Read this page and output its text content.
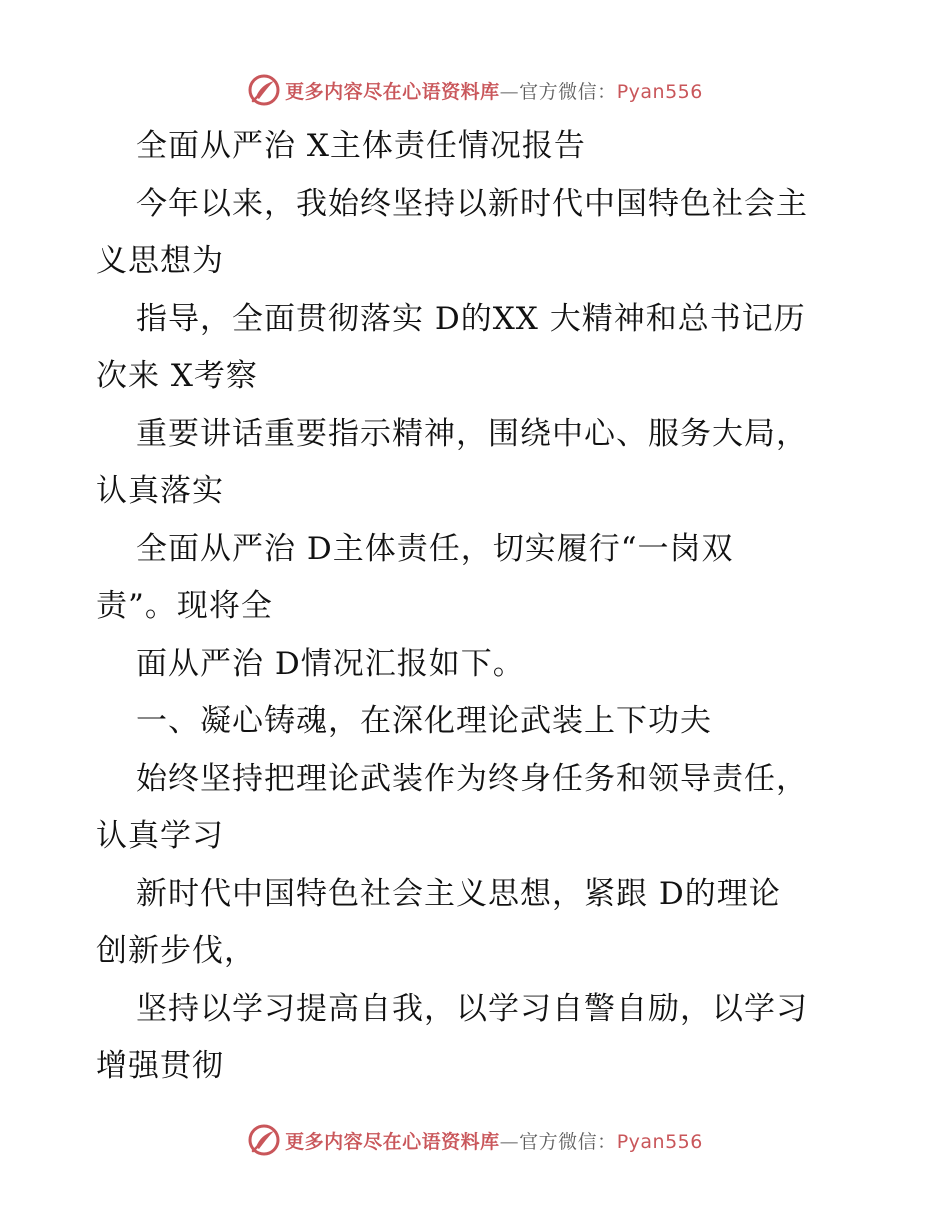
更多内容尽在心语资料库—官方微信：Pyan556
全面从严治 X主体责任情况报告
今年以来，我始终坚持以新时代中国特色社会主
义思想为
指导，全面贯彻落实 D的XX 大精神和总书记历
次来 X考察
重要讲话重要指示精神，围绕中心、服务大局，
认真落实
全面从严治 D主体责任，切实履行“一岗双
责”。现将全
面从严治 D情况汇报如下。
一、凝心铸魂，在深化理论武装上下功夫
始终坚持把理论武装作为终身任务和领导责任，
认真学习
新时代中国特色社会主义思想，紧跟 D的理论
创新步伐，
坚持以学习提高自我，以学习自警自励，以学习
增强贯彻
更多内容尽在心语资料库—官方微信：Pyan556
